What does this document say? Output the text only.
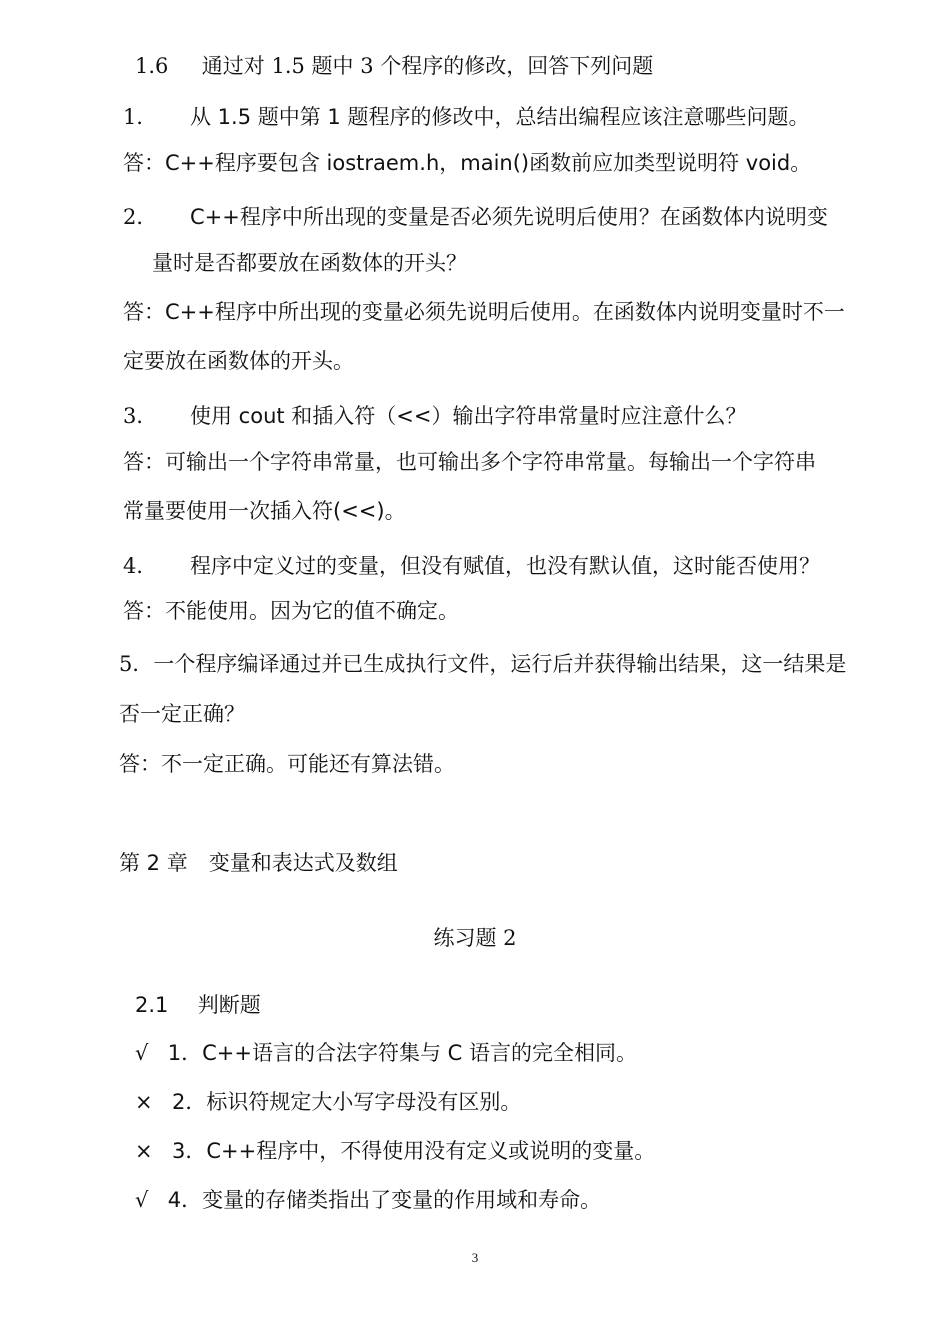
1.6 通过对 1.5 题中 3 个程序的修改，回答下列问题
1． 从 1.5 题中第 1 题程序的修改中，总结出编程应该注意哪些问题。
答：C++程序要包含 iostraem.h，main()函数前应加类型说明符 void。
2． C++程序中所出现的变量是否必须先说明后使用？在函数体内说明变
量时是否都要放在函数体的开头？
答：C++程序中所出现的变量必须先说明后使用。在函数体内说明变量时不一
定要放在函数体的开头。
3． 使用 cout 和插入符（<<）输出字符串常量时应注意什么？
答：可输出一个字符串常量，也可输出多个字符串常量。每输出一个字符串
常量要使用一次插入符(<<)。
4． 程序中定义过的变量，但没有赋值，也没有默认值，这时能否使用？
答：不能使用。因为它的值不确定。
5．一个程序编译通过并已生成执行文件，运行后并获得输出结果，这一结果是
否一定正确？
答：不一定正确。可能还有算法错。
第 2 章　变量和表达式及数组
练习题 2
2.1 判断题
√ 1．C++语言的合法字符集与 C 语言的完全相同。
× 2．标识符规定大小写字母没有区别。
× 3．C++程序中，不得使用没有定义或说明的变量。
√ 4．变量的存储类指出了变量的作用域和寿命。
3
